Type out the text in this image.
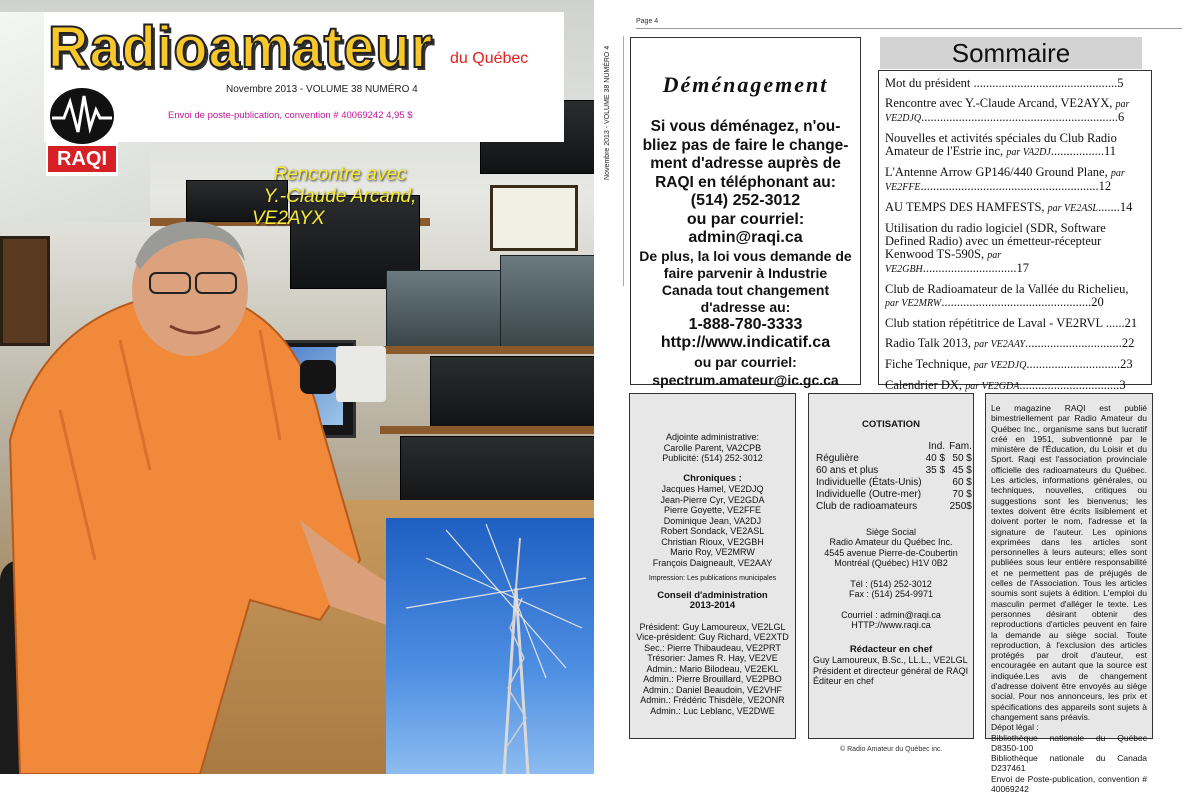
Radioamateur du Québec
Novembre 2013 - VOLUME 38 NUMÉRO 4
Envoi de poste-publication, convention # 40069242 4,95 $
RAQI
Rencontre avec
Y.-Claude Arcand,
VE2AYX
Page 4
Novembre 2013 - VOLUME 38 NUMÉRO 4	Déménagement

Si vous déménagez, n'ou-bliez pas de faire le change-ment d'adresse auprès de RAQI en téléphonant au:

(514) 252-3012

ou par courriel:

admin@raqi.ca

De plus, la loi vous demande de faire parvenir à Industrie Canada tout changement d'adresse au:

1-888-780-3333

http://www.indicatif.ca

ou par courriel:

spectrum.amateur@ic.gc.ca

Sommaire
Mot du président ..............................................5
Rencontre avec Y.-Claude Arcand, VE2AYX, par VE2DJQ...............................................................6
Nouvelles et activités spéciales du Club Radio Amateur de l'Estrie inc, par VA2DJ.................11
L'Antenne Arrow GP146/440 Ground Plane, par VE2FFE.........................................................12
AU TEMPS DES HAMFESTS, par VE2ASL.......14
Utilisation du radio logiciel (SDR, Software Defined Radio) avec un émetteur-récepteur Kenwood TS-590S, par VE2GBH..............................17
Club de Radioamateur de la Vallée du Richelieu, par VE2MRW................................................20
Club station répétitrice de Laval - VE2RVL ......21
Radio Talk 2013, par VE2AAY...............................22
Fiche Technique, par VE2DJQ..............................23
Calendrier DX, par VE2GDA................................3
Adjointe administrative:
Carolle Parent, VA2CPB
Publicité: (514) 252-3012
Chroniques :
Jacques Hamel, VE2DJQ
Jean-Pierre Cyr, VE2GDA
Pierre Goyette, VE2FFE
Dominique Jean, VA2DJ
Robert Sondack, VE2ASL
Christian Rioux, VE2GBH
Mario Roy, VE2MRW
François Daigneault, VE2AAY
Impression: Les publications municipales
Conseil d'administration
2013-2014
Président: Guy Lamoureux, VE2LGL
Vice-président: Guy Richard, VE2XTD
Sec.: Pierre Thibaudeau, VE2PRT
Trésorier: James R. Hay, VE2VE
Admin.: Mario Bilodeau, VE2EKL
Admin.: Pierre Brouillard, VE2PBO
Admin.: Daniel Beaudoin, VE2VHF
Admin.: Frédéric Thisdèle, VE2ONR
Admin.: Luc Leblanc, VE2DWE
COTISATION
	Ind.	Fam.
Régulière	40 $	50 $
60 ans et plus	35 $	45 $
Individuelle (États-Unis)		60 $
Individuelle (Outre-mer)		70 $
Club de radioamateurs		250$
Siège Social
Radio Amateur du Québec Inc.
4545 avenue Pierre-de-Coubertin
Montréal (Québec) H1V 0B2
Tél : (514) 252-3012
Fax : (514) 254-9971
Courriel : admin@raqi.ca
HTTP://www.raqi.ca
Rédacteur en chef
Guy Lamoureux, B.Sc., LL.L., VE2LGL
Président et directeur général de RAQI
Éditeur en chef
Le magazine RAQI est publié bimestriellement par Radio Amateur du Québec Inc., organisme sans but lucratif créé en 1951, subventionné par le ministère de l'Éducation, du Loisir et du Sport. Raqi est l'association provinciale officielle des radioamateurs du Québec. Les articles, informations générales, ou techniques, nouvelles, critiques ou suggestions sont les bienvenus; les textes doivent être écrits lisiblement et doivent porter le nom, l'adresse et la signature de l'auteur. Les opinions exprimées dans les articles sont personnelles à leurs auteurs; elles sont publiées sous leur entière responsabilité et ne permettent pas de préjugés de celles de l'Association. Tous les articles soumis sont sujets à édition. L'emploi du masculin permet d'alléger le texte. Les personnes désirant obtenir des reproductions d'articles peuvent en faire la demande au siège social. Toute reproduction, à l'exclusion des articles protégés par droit d'auteur, est encouragée en autant que la source est indiquée.Les avis de changement d'adresse doivent être envoyés au siège social. Pour nos annonceurs, les prix et spécifications des appareils sont sujets à changement sans préavis.
Dépot légal :
Bibliothèque nationale du Québec D8350-100
Bibliothèque nationale du Canada D237461
Envoi de Poste-publication, convention # 40069242
© Radio Amateur du Québec inc.
